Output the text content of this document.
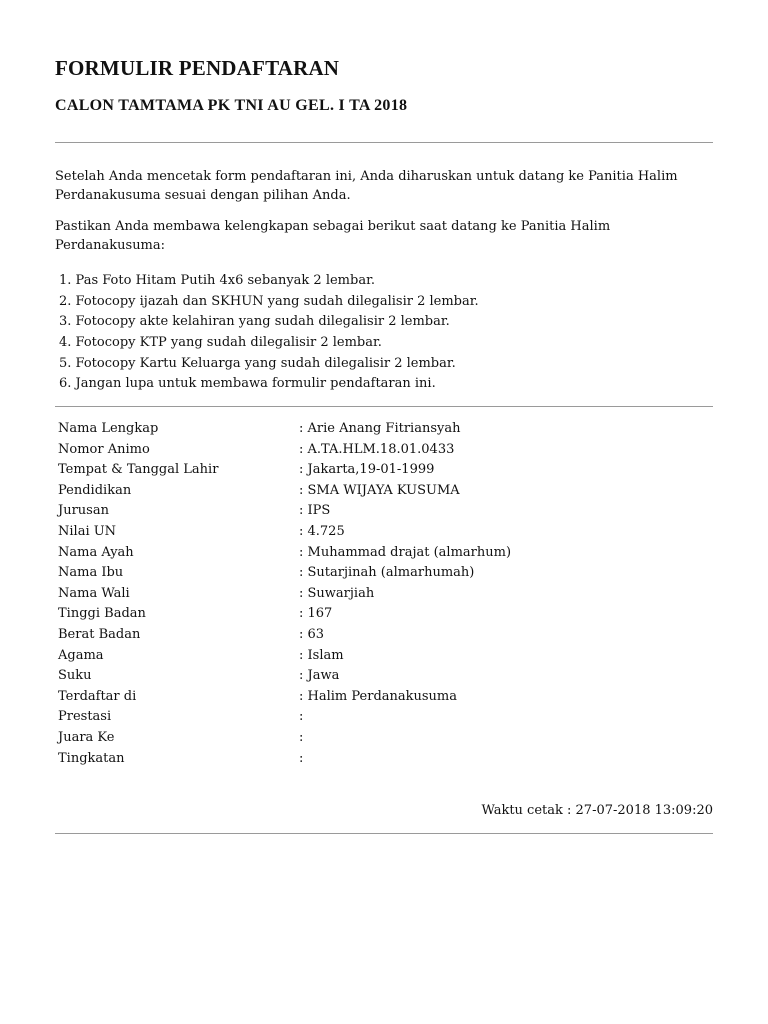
FORMULIR PENDAFTARAN
CALON TAMTAMA PK TNI AU GEL. I TA 2018
Setelah Anda mencetak form pendaftaran ini, Anda diharuskan untuk datang ke Panitia Halim Perdanakusuma sesuai dengan pilihan Anda.
Pastikan Anda membawa kelengkapan sebagai berikut saat datang ke Panitia Halim Perdanakusuma:
1. Pas Foto Hitam Putih 4x6 sebanyak 2 lembar.
2. Fotocopy ijazah dan SKHUN yang sudah dilegalisir 2 lembar.
3. Fotocopy akte kelahiran yang sudah dilegalisir 2 lembar.
4. Fotocopy KTP yang sudah dilegalisir 2 lembar.
5. Fotocopy Kartu Keluarga yang sudah dilegalisir 2 lembar.
6. Jangan lupa untuk membawa formulir pendaftaran ini.
Nama Lengkap	: Arie Anang Fitriansyah
Nomor Animo	: A.TA.HLM.18.01.0433
Tempat & Tanggal Lahir	: Jakarta,19-01-1999
Pendidikan	: SMA WIJAYA KUSUMA
Jurusan	: IPS
Nilai UN	: 4.725
Nama Ayah	: Muhammad drajat (almarhum)
Nama Ibu	: Sutarjinah (almarhumah)
Nama Wali	: Suwarjiah
Tinggi Badan	: 167
Berat Badan	: 63
Agama	: Islam
Suku	: Jawa
Terdaftar di	: Halim Perdanakusuma
Prestasi	:
Juara Ke	:
Tingkatan	:
Waktu cetak : 27-07-2018 13:09:20
